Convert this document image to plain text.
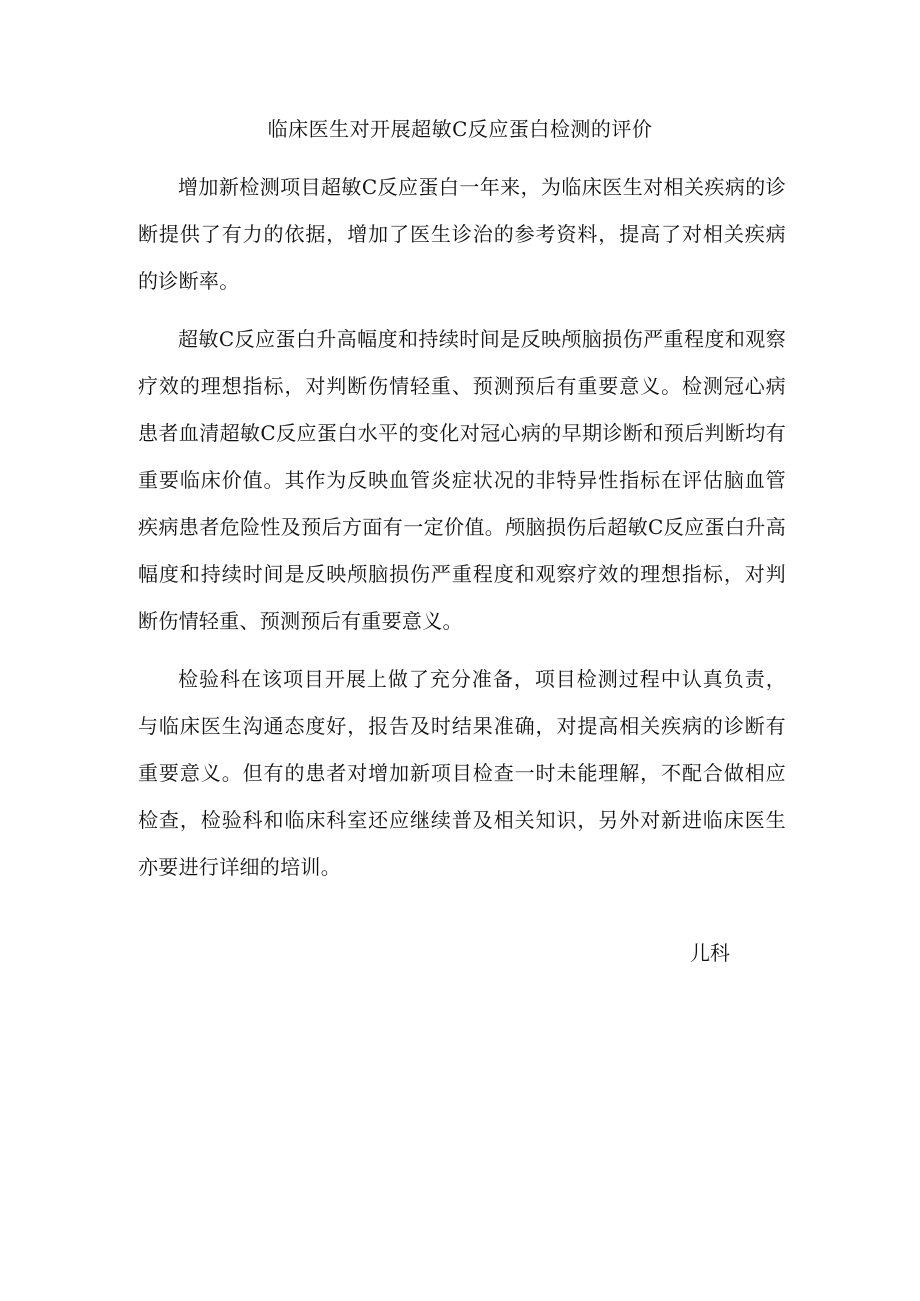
临床医生对开展超敏C反应蛋白检测的评价

增加新检测项目超敏C反应蛋白一年来，为临床医生对相关疾病的诊断提供了有力的依据，增加了医生诊治的参考资料，提高了对相关疾病的诊断率。

超敏C反应蛋白升高幅度和持续时间是反映颅脑损伤严重程度和观察疗效的理想指标，对判断伤情轻重、预测预后有重要意义。检测冠心病患者血清超敏C反应蛋白水平的变化对冠心病的早期诊断和预后判断均有重要临床价值。其作为反映血管炎症状况的非特异性指标在评估脑血管疾病患者危险性及预后方面有一定价值。颅脑损伤后超敏C反应蛋白升高幅度和持续时间是反映颅脑损伤严重程度和观察疗效的理想指标，对判断伤情轻重、预测预后有重要意义。

检验科在该项目开展上做了充分准备，项目检测过程中认真负责，与临床医生沟通态度好，报告及时结果准确，对提高相关疾病的诊断有重要意义。但有的患者对增加新项目检查一时未能理解，不配合做相应检查，检验科和临床科室还应继续普及相关知识，另外对新进临床医生亦要进行详细的培训。

儿科
